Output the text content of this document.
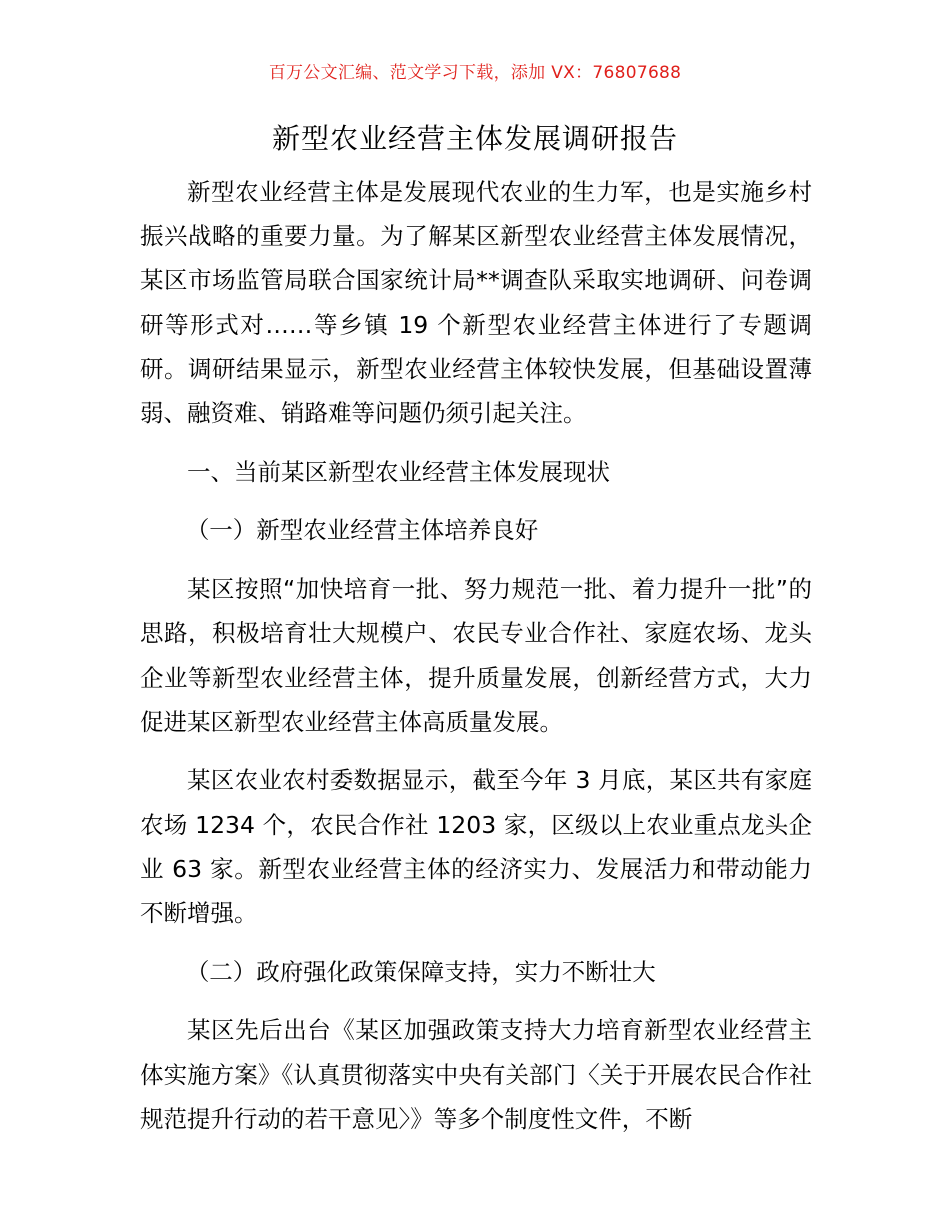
百万公文汇编、范文学习下载，添加 VX：76807688
新型农业经营主体发展调研报告

新型农业经营主体是发展现代农业的生力军，也是实施乡村振兴战略的重要力量。为了解某区新型农业经营主体发展情况，某区市场监管局联合国家统计局**调查队采取实地调研、问卷调研等形式对……等乡镇 19 个新型农业经营主体进行了专题调研。调研结果显示，新型农业经营主体较快发展，但基础设置薄弱、融资难、销路难等问题仍须引起关注。

一、当前某区新型农业经营主体发展现状

（一）新型农业经营主体培养良好

某区按照“加快培育一批、努力规范一批、着力提升一批”的思路，积极培育壮大规模户、农民专业合作社、家庭农场、龙头企业等新型农业经营主体，提升质量发展，创新经营方式，大力促进某区新型农业经营主体高质量发展。

某区农业农村委数据显示，截至今年 3 月底，某区共有家庭农场 1234 个，农民合作社 1203 家，区级以上农业重点龙头企业 63 家。新型农业经营主体的经济实力、发展活力和带动能力不断增强。

（二）政府强化政策保障支持，实力不断壮大

某区先后出台《某区加强政策支持大力培育新型农业经营主体实施方案》《认真贯彻落实中央有关部门〈关于开展农民合作社规范提升行动的若干意见〉》等多个制度性文件，不断
